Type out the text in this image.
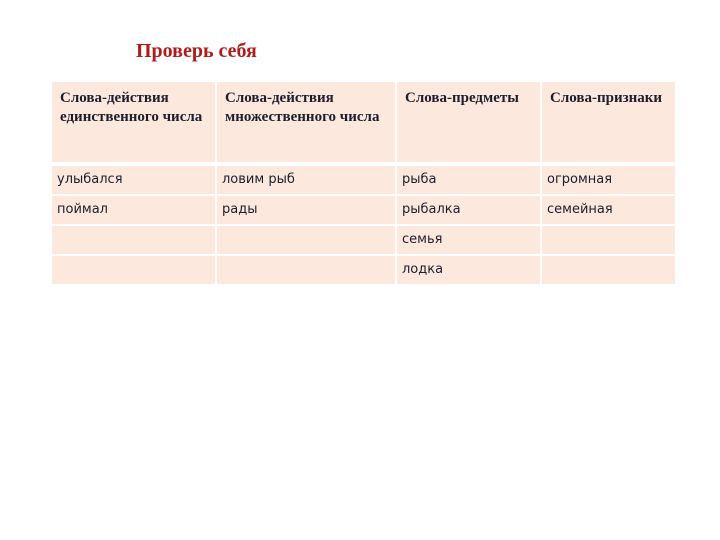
Проверь себя
Слова-действия единственного числа	Слова-действия множественного числа	Слова-предметы	Слова-признаки
улыбался	ловим рыб	рыба	огромная
поймал	рады	рыбалка	семейная
		семья	
		лодка	
